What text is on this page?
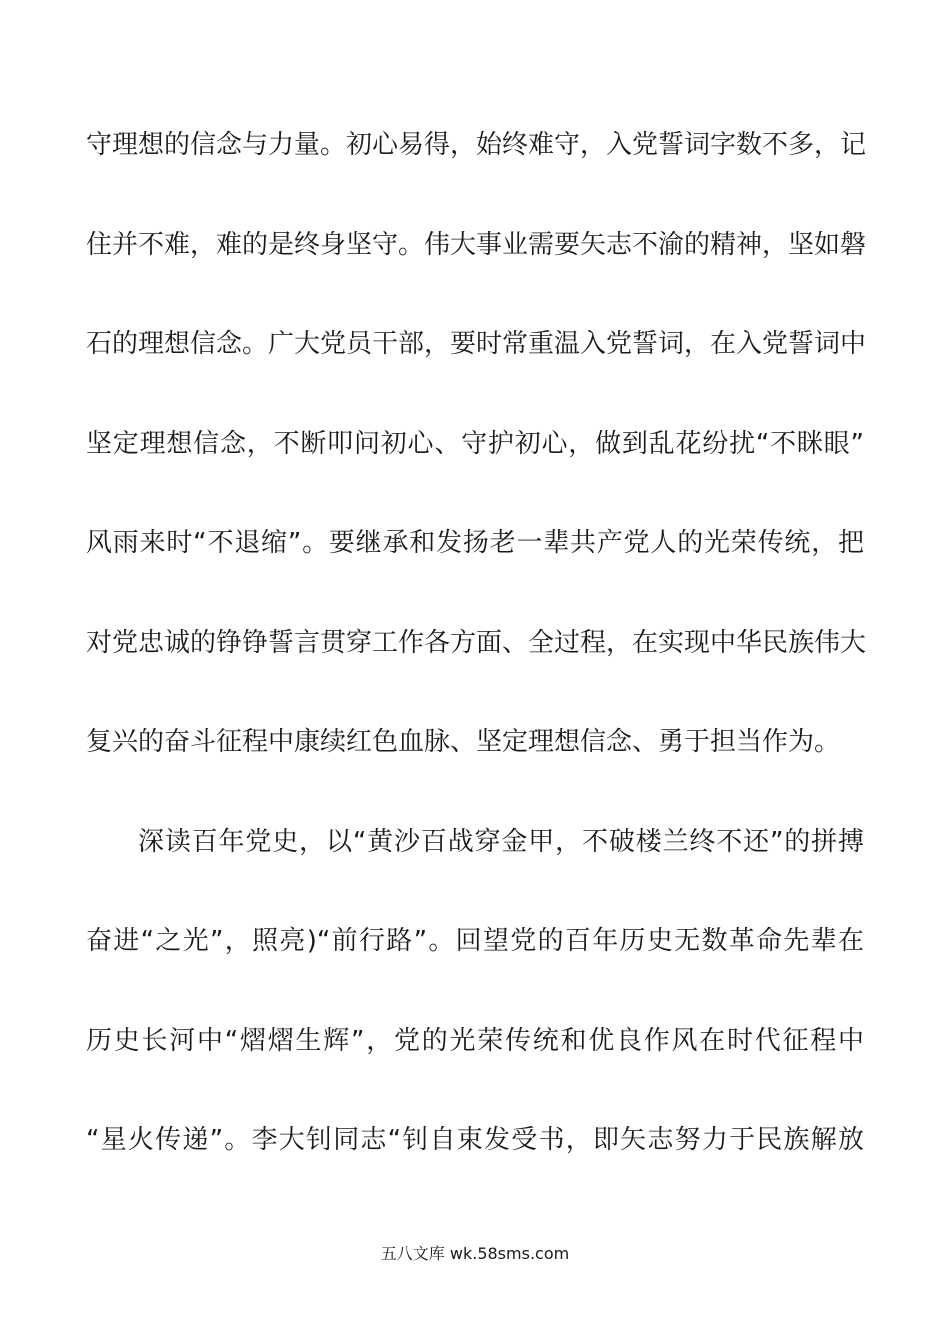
守理想的信念与力量。初心易得，始终难守，入党誓词字数不多，记
住并不难，难的是终身坚守。伟大事业需要矢志不渝的精神，坚如磐
石的理想信念。广大党员干部，要时常重温入党誓词，在入党誓词中
坚定理想信念，不断叩问初心、守护初心，做到乱花纷扰“不眯眼”
风雨来时“不退缩”。要继承和发扬老一辈共产党人的光荣传统，把
对党忠诚的铮铮誓言贯穿工作各方面、全过程，在实现中华民族伟大
复兴的奋斗征程中康续红色血脉、坚定理想信念、勇于担当作为。
深读百年党史，以“黄沙百战穿金甲，不破楼兰终不还”的拼搏
奋进“之光”，照亮)“前行路”。回望党的百年历史无数革命先辈在
历史长河中“熠熠生辉”，党的光荣传统和优良作风在时代征程中
“星火传递”。李大钊同志“钊自束发受书，即矢志努力于民族解放
五八文库 wk.58sms.com
